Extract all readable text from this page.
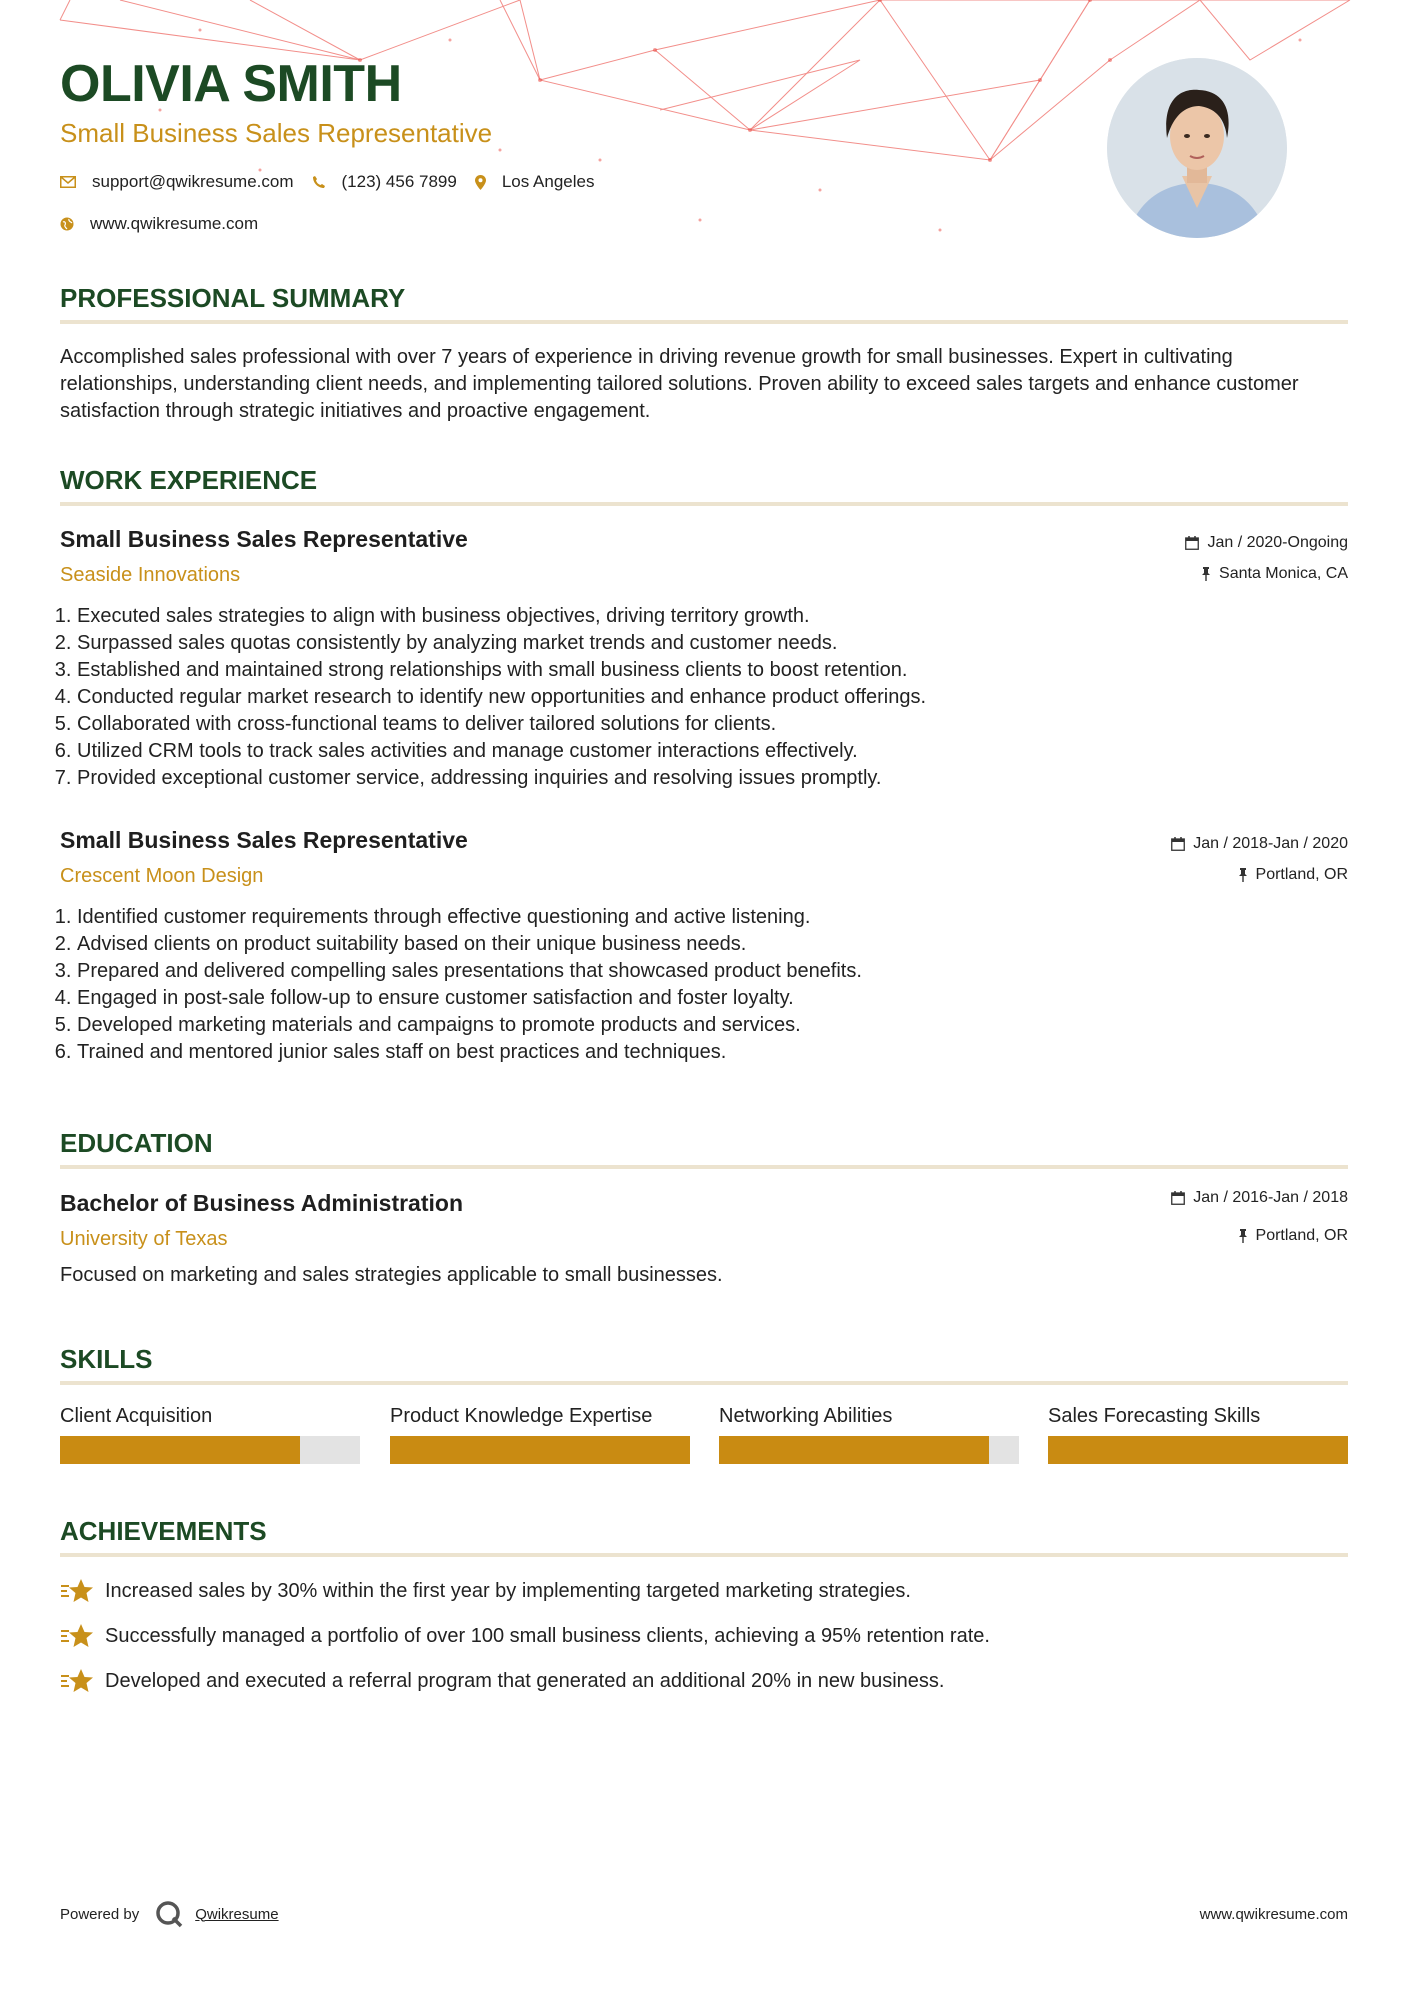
OLIVIA SMITH

Small Business Sales Representative

support@qwikresume.com	(123) 456 7899	Los Angeles
www.qwikresume.com
PROFESSIONAL SUMMARY

Accomplished sales professional with over 7 years of experience in driving revenue growth for small businesses. Expert in cultivating relationships, understanding client needs, and implementing tailored solutions. Proven ability to exceed sales targets and enhance customer satisfaction through strategic initiatives and proactive engagement.

WORK EXPERIENCE
Small Business Sales Representative
Seaside Innovations
Jan / 2020-Ongoing
Santa Monica, CA
1. Executed sales strategies to align with business objectives, driving territory growth.
2. Surpassed sales quotas consistently by analyzing market trends and customer needs.
3. Established and maintained strong relationships with small business clients to boost retention.
4. Conducted regular market research to identify new opportunities and enhance product offerings.
5. Collaborated with cross-functional teams to deliver tailored solutions for clients.
6. Utilized CRM tools to track sales activities and manage customer interactions effectively.
7. Provided exceptional customer service, addressing inquiries and resolving issues promptly.
Small Business Sales Representative
Crescent Moon Design
Jan / 2018-Jan / 2020
Portland, OR
1. Identified customer requirements through effective questioning and active listening.
2. Advised clients on product suitability based on their unique business needs.
3. Prepared and delivered compelling sales presentations that showcased product benefits.
4. Engaged in post-sale follow-up to ensure customer satisfaction and foster loyalty.
5. Developed marketing materials and campaigns to promote products and services.
6. Trained and mentored junior sales staff on best practices and techniques.
EDUCATION
Bachelor of Business Administration
University of Texas
Jan / 2016-Jan / 2018
Portland, OR

Focused on marketing and sales strategies applicable to small businesses.

SKILLS
Client Acquisition	Product Knowledge Expertise	Networking Abilities	Sales Forecasting Skills
ACHIEVEMENTS
Increased sales by 30% within the first year by implementing targeted marketing strategies.
Successfully managed a portfolio of over 100 small business clients, achieving a 95% retention rate.
Developed and executed a referral program that generated an additional 20% in new business.
Powered by	Qwikresume	www.qwikresume.com
